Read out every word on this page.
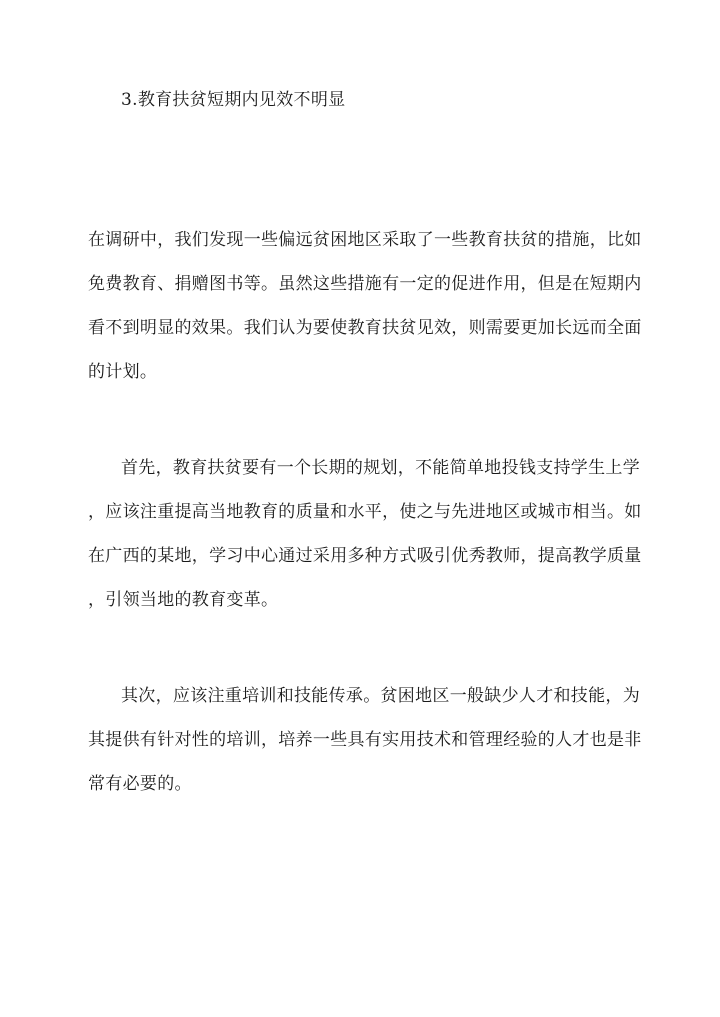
3.教育扶贫短期内见效不明显

在调研中，我们发现一些偏远贫困地区采取了一些教育扶贫的措施，比如

免费教育、捐赠图书等。虽然这些措施有一定的促进作用，但是在短期内

看不到明显的效果。我们认为要使教育扶贫见效，则需要更加长远而全面

的计划。

首先，教育扶贫要有一个长期的规划，不能简单地投钱支持学生上学

，应该注重提高当地教育的质量和水平，使之与先进地区或城市相当。如

在广西的某地，学习中心通过采用多种方式吸引优秀教师，提高教学质量

，引领当地的教育变革。

其次，应该注重培训和技能传承。贫困地区一般缺少人才和技能，为

其提供有针对性的培训，培养一些具有实用技术和管理经验的人才也是非

常有必要的。
